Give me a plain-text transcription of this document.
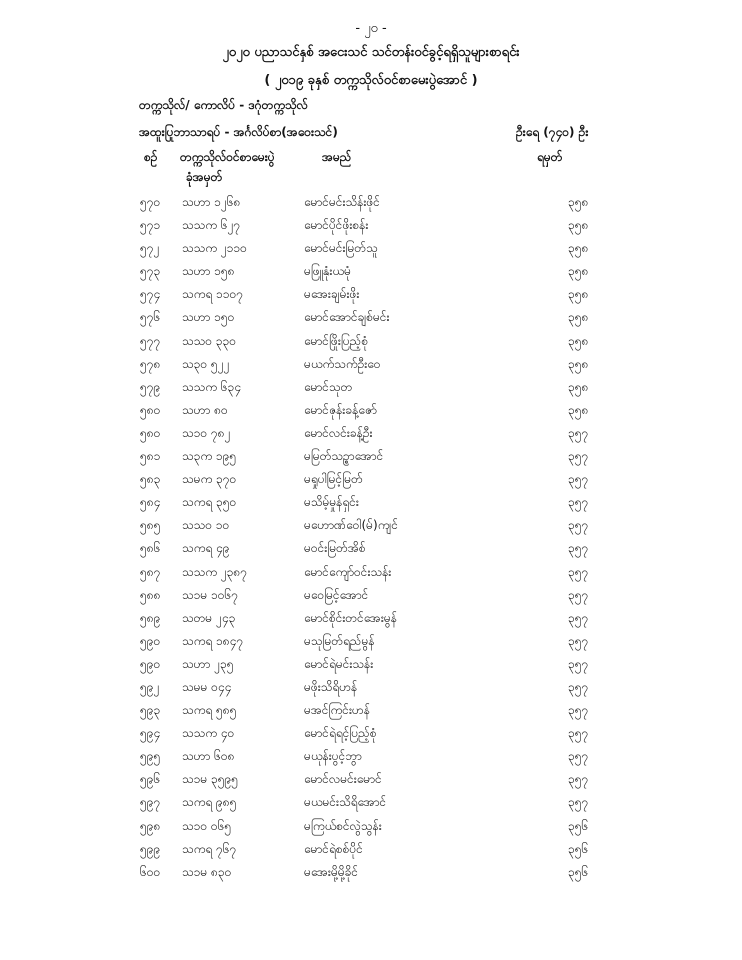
- ၂၀ -
၂၀၂၀ ပညာသင်နှစ် အငေးသင် သင်တန်းဝင်ခွင့်ရရှိသူများစာရင်း
( ၂၀၁၉ ခုနှစ် တက္ကသိုလ်ဝင်စာမေးပွဲအောင် )
တက္ကသိုလ်/ ကောလိပ် - ဒဂုံတက္ကသိုလ်
အထူးပြုဘာသာရပ် - အင်္ဂလိပ်စာ(အဝေးသင်)	ဦးရေ (၇၄၀) ဦး
စဉ် တက္ကသိုလ်ဝင်စာမေးပွဲ
ခုံအမှတ်
အမည်	ရမှတ်
၅၇၀ သဟာ ၁၂၆၈	မောင်မင်းသိန်းဖိုင်	၃၅၈
၅၇၁ သသက ၆၂၇	မောင်ပိုင်ဖိုးစန်း	၃၅၈
၅၇၂ သသက ၂၁၁၀	မောင်မင်းမြတ်သူ	၃၅၈
၅၇၃ သဟာ ၁၅၈	မဖြူနုံးယမုံ	၃၅၈
၅၇၄ သကရ ၁၁၀၇	မအေးချမ်းဖိုး	၃၅၈
၅၇၆ သဟာ ၁၅၀	မောင်အောင်ချစ်မင်း	၃၅၈
၅၇၇ သသ၀ ၃၃၀	မောင်ဖြိုးပြည့်စုံ	၃၅၈
၅၇၈ သ၃၀ ၅၂၂	မယက်သက်ဦးဝေ	၃၅၈
၅၇၉ သသက ၆၃၄	မောင်သုတ	၃၅၈
၅၈၀ သဟာ ၈၀	မောင်ဇုန်းခန့်ဇော်	၃၅၈
၅၈၀ သ၁၀ ၇၈၂	မောင်လင်းခန့်ဦး	၃၅၇
၅၈၁ သ၃က ၁၉၅	မမြတ်သဥ္စာအောင်	၃၅၇
၅၈၃ သမက ၃၇၀	မရှုပါမြင့်မြတ်	၃၅၇
၅၈၄ သကရ ၃၅၀	မသိမ့်မှုန်ရှင်း	၃၅၇
၅၈၅ သသ၀ ၁၀	မဟောဏ်ဝေါ(မ်)ကျင်	၃၅၇
၅၈၆ သကရ ၄၉	မဝင်းမြတ်အိစ်	၃၅၇
၅၈၇ သသက ၂၃၈၇	မောင်ကျော်ဝင်းသန်း	၃၅၇
၅၈၈ သ၁မ ၁၀၆၇	မဝေမြင့်အောင်	၃၅၇
၅၈၉ သတမ ၂၄၃	မောင်စိုင်းတင်အေးမွန်	၃၅၇
၅၉၀ သကရ ၁၈၄၇	မသုမြတ်ရည်မွန်	၃၅၇
၅၉၀ သဟာ ၂၃၅	မောင်ရဲမင်းသန်း	၃၅၇
၅၉၂ သမမ ၀၄၄	မဖိုးသိရိဟန်	၃၅၇
၅၉၃ သကရ ၅၈၅	မအင်ကြင်းဟန်	၃၅၇
၅၉၄ သသက ၄၀	မောင်ရဲရင့်ပြည့်စုံ	၃၅၇
၅၉၅ သဟာ ၆၀၈	မယုန်းပွင့်ဘွာ	၃၅၇
၅၉၆ သ၁မ ၃၅၉၅	မောင်လမင်းမောင်	၃၅၇
၅၉၇ သကရ ၉၈၅	မယမင်းသိရိအောင်	၃၅၇
၅၉၈ သ၁၀ ၀၆၅	မကြယ်စင်လွဲသွန်း	၃၅၆
၅၉၉ သကရ ၇၆၇	မောင်ရဲစစ်ပိုင်	၃၅၆
၆၀၀ သ၁မ ၈၃၀	မအေးမို့မို့ခိုင်	၃၅၆
